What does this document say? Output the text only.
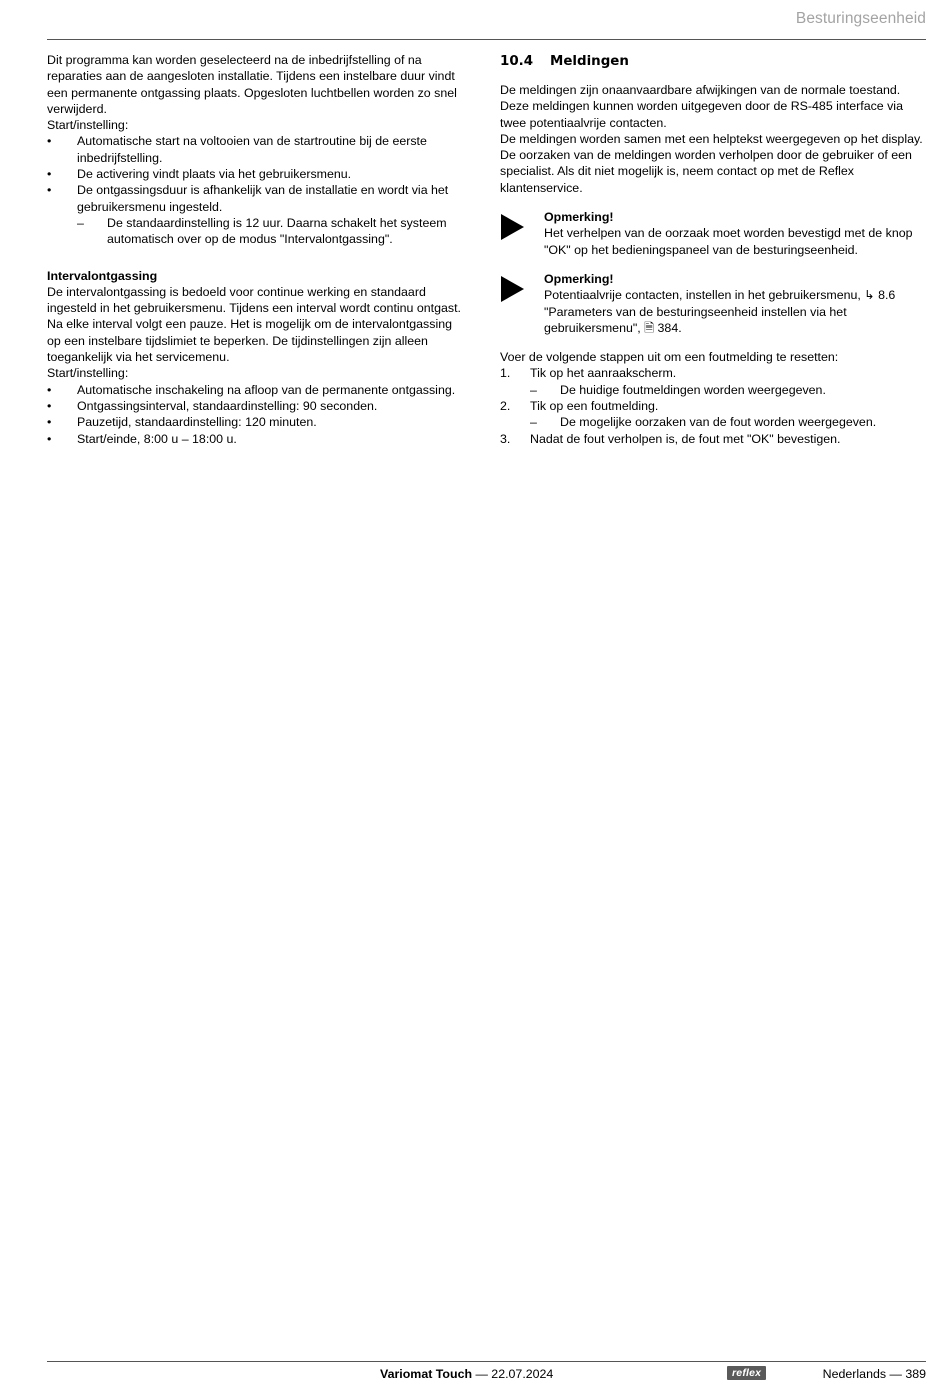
Besturingseenheid

Dit programma kan worden geselecteerd na de inbedrijfstelling of na reparaties aan de aangesloten installatie. Tijdens een instelbare duur vindt een permanente ontgassing plaats. Opgesloten luchtbellen worden zo snel verwijderd.

Start/instelling:

• Automatische start na voltooien van de startroutine bij de eerste inbedrijfstelling.
• De activering vindt plaats via het gebruikersmenu.
• De ontgassingsduur is afhankelijk van de installatie en wordt via het gebruikersmenu ingesteld.
– De standaardinstelling is 12 uur. Daarna schakelt het systeem automatisch over op de modus "Intervalontgassing".

Intervalontgassing

De intervalontgassing is bedoeld voor continue werking en standaard ingesteld in het gebruikersmenu. Tijdens een interval wordt continu ontgast. Na elke interval volgt een pauze. Het is mogelijk om de intervalontgassing op een instelbare tijdslimiet te beperken. De tijdinstellingen zijn alleen toegankelijk via het servicemenu.

Start/instelling:

• Automatische inschakeling na afloop van de permanente ontgassing.
• Ontgassingsinterval, standaardinstelling: 90 seconden.
• Pauzetijd, standaardinstelling: 120 minuten.
• Start/einde, 8:00 u – 18:00 u.
10.4	Meldingen

De meldingen zijn onaanvaardbare afwijkingen van de normale toestand. Deze meldingen kunnen worden uitgegeven door de RS-485 interface via twee potentiaalvrije contacten.

De meldingen worden samen met een helptekst weergegeven op het display.

De oorzaken van de meldingen worden verholpen door de gebruiker of een specialist. Als dit niet mogelijk is, neem contact op met de Reflex klantenservice.

Opmerking!

Het verhelpen van de oorzaak moet worden bevestigd met de knop "OK" op het bedieningspaneel van de besturingseenheid.

Opmerking!

Potentiaalvrije contacten, instellen in het gebruikersmenu, ↳ 8.6 "Parameters van de besturingseenheid instellen via het gebruikersmenu", 🗎 384.

Voer de volgende stappen uit om een foutmelding te resetten:

1. Tik op het aanraakscherm.
– De huidige foutmeldingen worden weergegeven.
2. Tik op een foutmelding.
– De mogelijke oorzaken van de fout worden weergegeven.
3. Nadat de fout verholpen is, de fout met "OK" bevestigen.
Variomat Touch — 22.07.2024	reflex	Nederlands — 389
